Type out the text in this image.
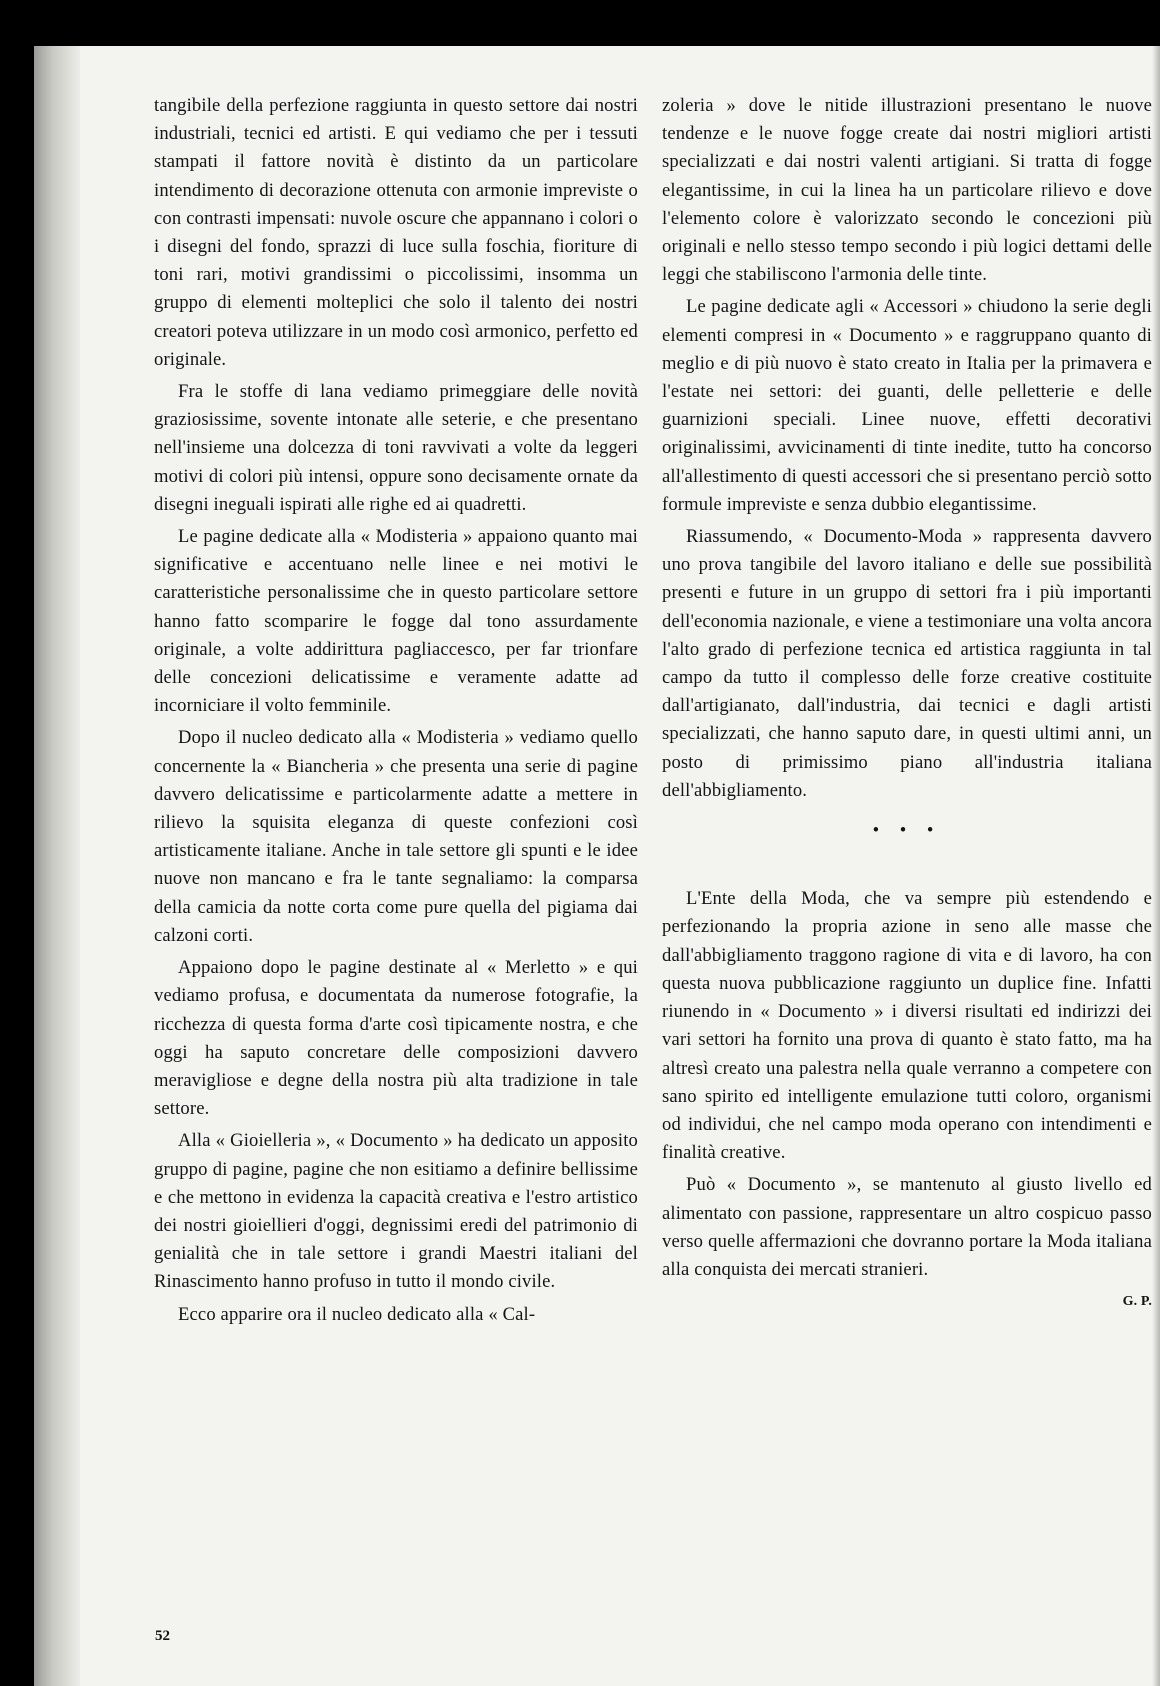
tangibile della perfezione raggiunta in questo settore dai nostri industriali, tecnici ed artisti. E qui vediamo che per i tessuti stampati il fattore novità è distinto da un particolare intendimento di decorazione ottenuta con armonie impreviste o con contrasti impensati: nuvole oscure che appannano i colori o i disegni del fondo, sprazzi di luce sulla foschia, fioriture di toni rari, motivi grandissimi o piccolissimi, insomma un gruppo di elementi molteplici che solo il talento dei nostri creatori poteva utilizzare in un modo così armonico, perfetto ed originale.

Fra le stoffe di lana vediamo primeggiare delle novità graziosissime, sovente intonate alle seterie, e che presentano nell'insieme una dolcezza di toni ravvivati a volte da leggeri motivi di colori più intensi, oppure sono decisamente ornate da disegni ineguali ispirati alle righe ed ai quadretti.

Le pagine dedicate alla « Modisteria » appaiono quanto mai significative e accentuano nelle linee e nei motivi le caratteristiche personalissime che in questo particolare settore hanno fatto scomparire le fogge dal tono assurdamente originale, a volte addirittura pagliaccesco, per far trionfare delle concezioni delicatissime e veramente adatte ad incorniciare il volto femminile.

Dopo il nucleo dedicato alla « Modisteria » vediamo quello concernente la « Biancheria » che presenta una serie di pagine davvero delicatissime e particolarmente adatte a mettere in rilievo la squisita eleganza di queste confezioni così artisticamente italiane. Anche in tale settore gli spunti e le idee nuove non mancano e fra le tante segnaliamo: la comparsa della camicia da notte corta come pure quella del pigiama dai calzoni corti.

Appaiono dopo le pagine destinate al « Merletto » e qui vediamo profusa, e documentata da numerose fotografie, la ricchezza di questa forma d'arte così tipicamente nostra, e che oggi ha saputo concretare delle composizioni davvero meravigliose e degne della nostra più alta tradizione in tale settore.

Alla « Gioielleria », « Documento » ha dedicato un apposito gruppo di pagine, pagine che non esitiamo a definire bellissime e che mettono in evidenza la capacità creativa e l'estro artistico dei nostri gioiellieri d'oggi, degnissimi eredi del patrimonio di genialità che in tale settore i grandi Maestri italiani del Rinascimento hanno profuso in tutto il mondo civile.

Ecco apparire ora il nucleo dedicato alla « Cal-

zoleria » dove le nitide illustrazioni presentano le nuove tendenze e le nuove fogge create dai nostri migliori artisti specializzati e dai nostri valenti artigiani. Si tratta di fogge elegantissime, in cui la linea ha un particolare rilievo e dove l'elemento colore è valorizzato secondo le concezioni più originali e nello stesso tempo secondo i più logici dettami delle leggi che stabiliscono l'armonia delle tinte.

Le pagine dedicate agli « Accessori » chiudono la serie degli elementi compresi in « Documento » e raggruppano quanto di meglio e di più nuovo è stato creato in Italia per la primavera e l'estate nei settori: dei guanti, delle pelletterie e delle guarnizioni speciali. Linee nuove, effetti decorativi originalissimi, avvicinamenti di tinte inedite, tutto ha concorso all'allestimento di questi accessori che si presentano perciò sotto formule impreviste e senza dubbio elegantissime.

Riassumendo, « Documento-Moda » rappresenta davvero uno prova tangibile del lavoro italiano e delle sue possibilità presenti e future in un gruppo di settori fra i più importanti dell'economia nazionale, e viene a testimoniare una volta ancora l'alto grado di perfezione tecnica ed artistica raggiunta in tal campo da tutto il complesso delle forze creative costituite dall'artigianato, dall'industria, dai tecnici e dagli artisti specializzati, che hanno saputo dare, in questi ultimi anni, un posto di primissimo piano all'industria italiana dell'abbigliamento.

• • •

L'Ente della Moda, che va sempre più estendendo e perfezionando la propria azione in seno alle masse che dall'abbigliamento traggono ragione di vita e di lavoro, ha con questa nuova pubblicazione raggiunto un duplice fine. Infatti riunendo in « Documento » i diversi risultati ed indirizzi dei vari settori ha fornito una prova di quanto è stato fatto, ma ha altresì creato una palestra nella quale verranno a competere con sano spirito ed intelligente emulazione tutti coloro, organismi od individui, che nel campo moda operano con intendimenti e finalità creative.

Può « Documento », se mantenuto al giusto livello ed alimentato con passione, rappresentare un altro cospicuo passo verso quelle affermazioni che dovranno portare la Moda italiana alla conquista dei mercati stranieri.

G. P.

52
